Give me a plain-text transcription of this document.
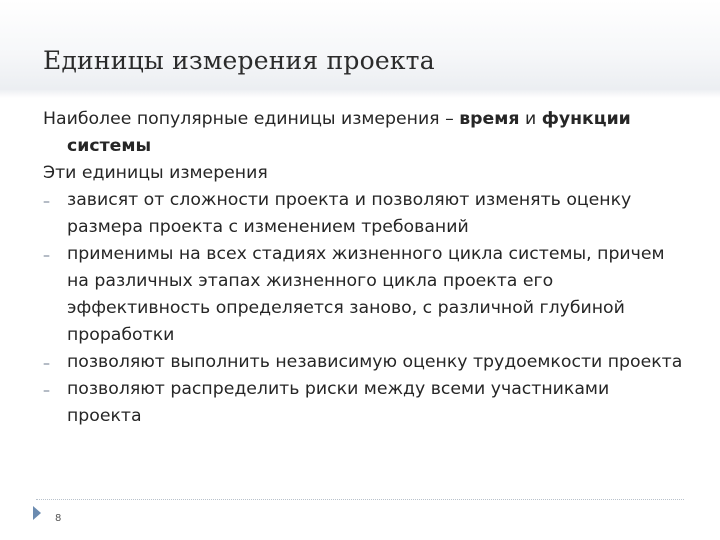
Единицы измерения проекта
Наиболее популярные единицы измерения – время и функции системы
Эти единицы измерения
– зависят от сложности проекта и позволяют изменять оценку размера проекта с изменением требований
– применимы на всех стадиях жизненного цикла системы, причем на различных этапах жизненного цикла проекта его эффективность определяется заново, с различной глубиной проработки
– позволяют выполнить независимую оценку трудоемкости проекта
– позволяют распределить риски между всеми участниками проекта
8
